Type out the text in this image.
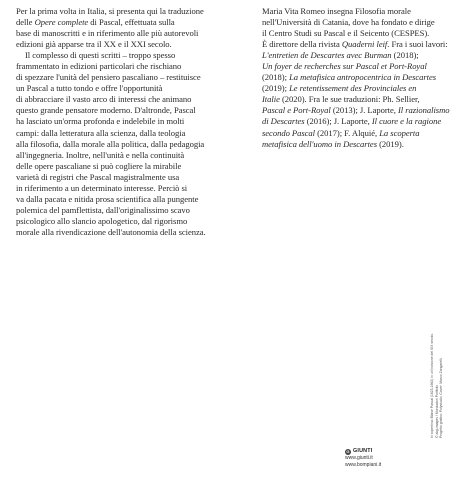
Per la prima volta in Italia, si presenta qui la traduzione
delle Opere complete di Pascal, effettuata sulla
base di manoscritti e in riferimento alle più autorevoli
edizioni già apparse tra il XX e il XXI secolo.
Il complesso di questi scritti – troppo spesso
frammentato in edizioni particolari che rischiano
di spezzare l'unità del pensiero pascaliano – restituisce
un Pascal a tutto tondo e offre l'opportunità
di abbracciare il vasto arco di interessi che animano
questo grande pensatore moderno. D'altronde, Pascal
ha lasciato un'orma profonda e indelebile in molti
campi: dalla letteratura alla scienza, dalla teologia
alla filosofia, dalla morale alla politica, dalla pedagogia
all'ingegneria. Inoltre, nell'unità e nella continuità
delle opere pascaliane si può cogliere la mirabile
varietà di registri che Pascal magistralmente usa
in riferimento a un determinato interesse. Perciò si
va dalla pacata e nitida prosa scientifica alla pungente
polemica del pamflettista, dall'originalissimo scavo
psicologico allo slancio apologetico, dal rigorismo
morale alla rivendicazione dell'autonomia della scienza.
Maria Vita Romeo insegna Filosofia morale
nell'Università di Catania, dove ha fondato e dirige
il Centro Studi su Pascal e il Seicento (CESPES).
È direttore della rivista Quaderni leif. Fra i suoi lavori:
L'entretien de Descartes avec Burman (2018);
Un foyer de recherches sur Pascal et Port-Royal
(2018); La metafisica antropocentrica in Descartes
(2019); Le retentissement des Provinciales en
Italie (2020). Fra le sue traduzioni: Ph. Sellier,
Pascal e Port-Royal (2013); J. Laporte, Il razionalismo
di Descartes (2016); J. Laporte, Il cuore e la ragione
secondo Pascal (2017); F. Alquié, La scoperta
metafisica dell'uomo in Descartes (2019).
In copertina: Blaise Pascal (1623-1662) in un'incisione del XIX secolo. © akg-images / Mondadori Portfolio Progetto grafico: Polystudio. Cover: Marco Zangarelli.
G GIUNTI
www.giunti.it
www.bompiani.it
